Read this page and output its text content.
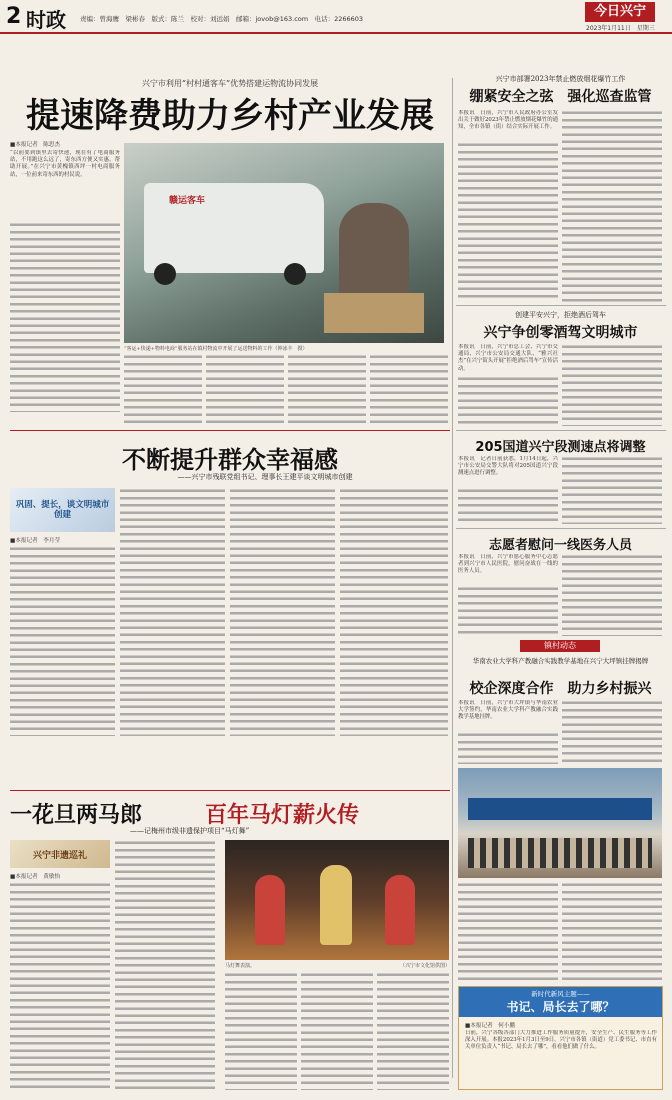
2 时政 责编：曾海鹰　梁彬春　版式：陈兰　校对：刘远娟　邮箱：jovob@163.com　电话：2266603	今日兴宁
2023年1月11日　星期三
兴宁市利用“村村通客车”优势搭建运物流协同发展
提速降费助力乡村产业发展
■本报记者　陈思杰
“以前要到镇里去寄快递，现在有了电商服务站，不用跑这么远了，寄东西方便又实惠，帮助开展。”在兴宁市黄槐镇西坪一村电商服务站，一位前来寄东西的村民说。
赣运客车
“客运+快递+物料电商”服务站在镇村物流中开展了运送物料的工作（钟冰丰　摄）
兴宁市部署2023年禁止燃放烟花爆竹工作
绷紧安全之弦　强化巡查监管
本报讯　日前，兴宁市人民政府办公室发出关于做好2023年禁止燃放烟花爆竹的通知，全市各镇（街）结合实际开展工作。
创建平安兴宁，拒绝酒后驾车
兴宁争创零酒驾文明城市
本报讯　日前，兴宁市总工会、兴宁市交通局、兴宁市公安局交通大队、“雅兴社杰”在兴宁街头开展“拒绝酒后驾车”宣传活动。
205国道兴宁段测速点将调整
本报讯　记者日前获悉，1月14日起，兴宁市公安局交警大队将对205国道兴宁段测速点进行调整。
志愿者慰问一线医务人员
本报讯　日前，兴宁市慈心服务中心志愿者到兴宁市人民医院，慰问奋战在一线的医务人员。
镇村动态
华南农业大学科产教融合实践教学基地在兴宁大坪镇挂牌揭牌
校企深度合作　助力乡村振兴
本报讯　日前，兴宁市大坪镇与华南农业大学签约，华南农业大学科产教融合实践教学基地挂牌。
新时代新风主题——
书记、局长去了哪？
■本报记者　何小鹏
日前，兴宁各级各部门大力推进工作服务质量提升，安全生产、民生服务等工作深入开展。本报2023年1月3日至9日，兴宁市各镇（街道）党工委书记、市直有关单位负责人“书记、局长去了哪”，看看他们做了什么。
不断提升群众幸福感
——兴宁市残联党组书记、理事长王建平谈文明城市创建
巩固、提长，谈文明城市创建
■本报记者　李月莹
一花旦两马郎	百年马灯薪火传
——记梅州市级非遗保护项目“马灯舞”
兴宁非遗巡礼
■本报记者　黄敏怡
马灯舞表演。	（兴宁市文化馆供图）
